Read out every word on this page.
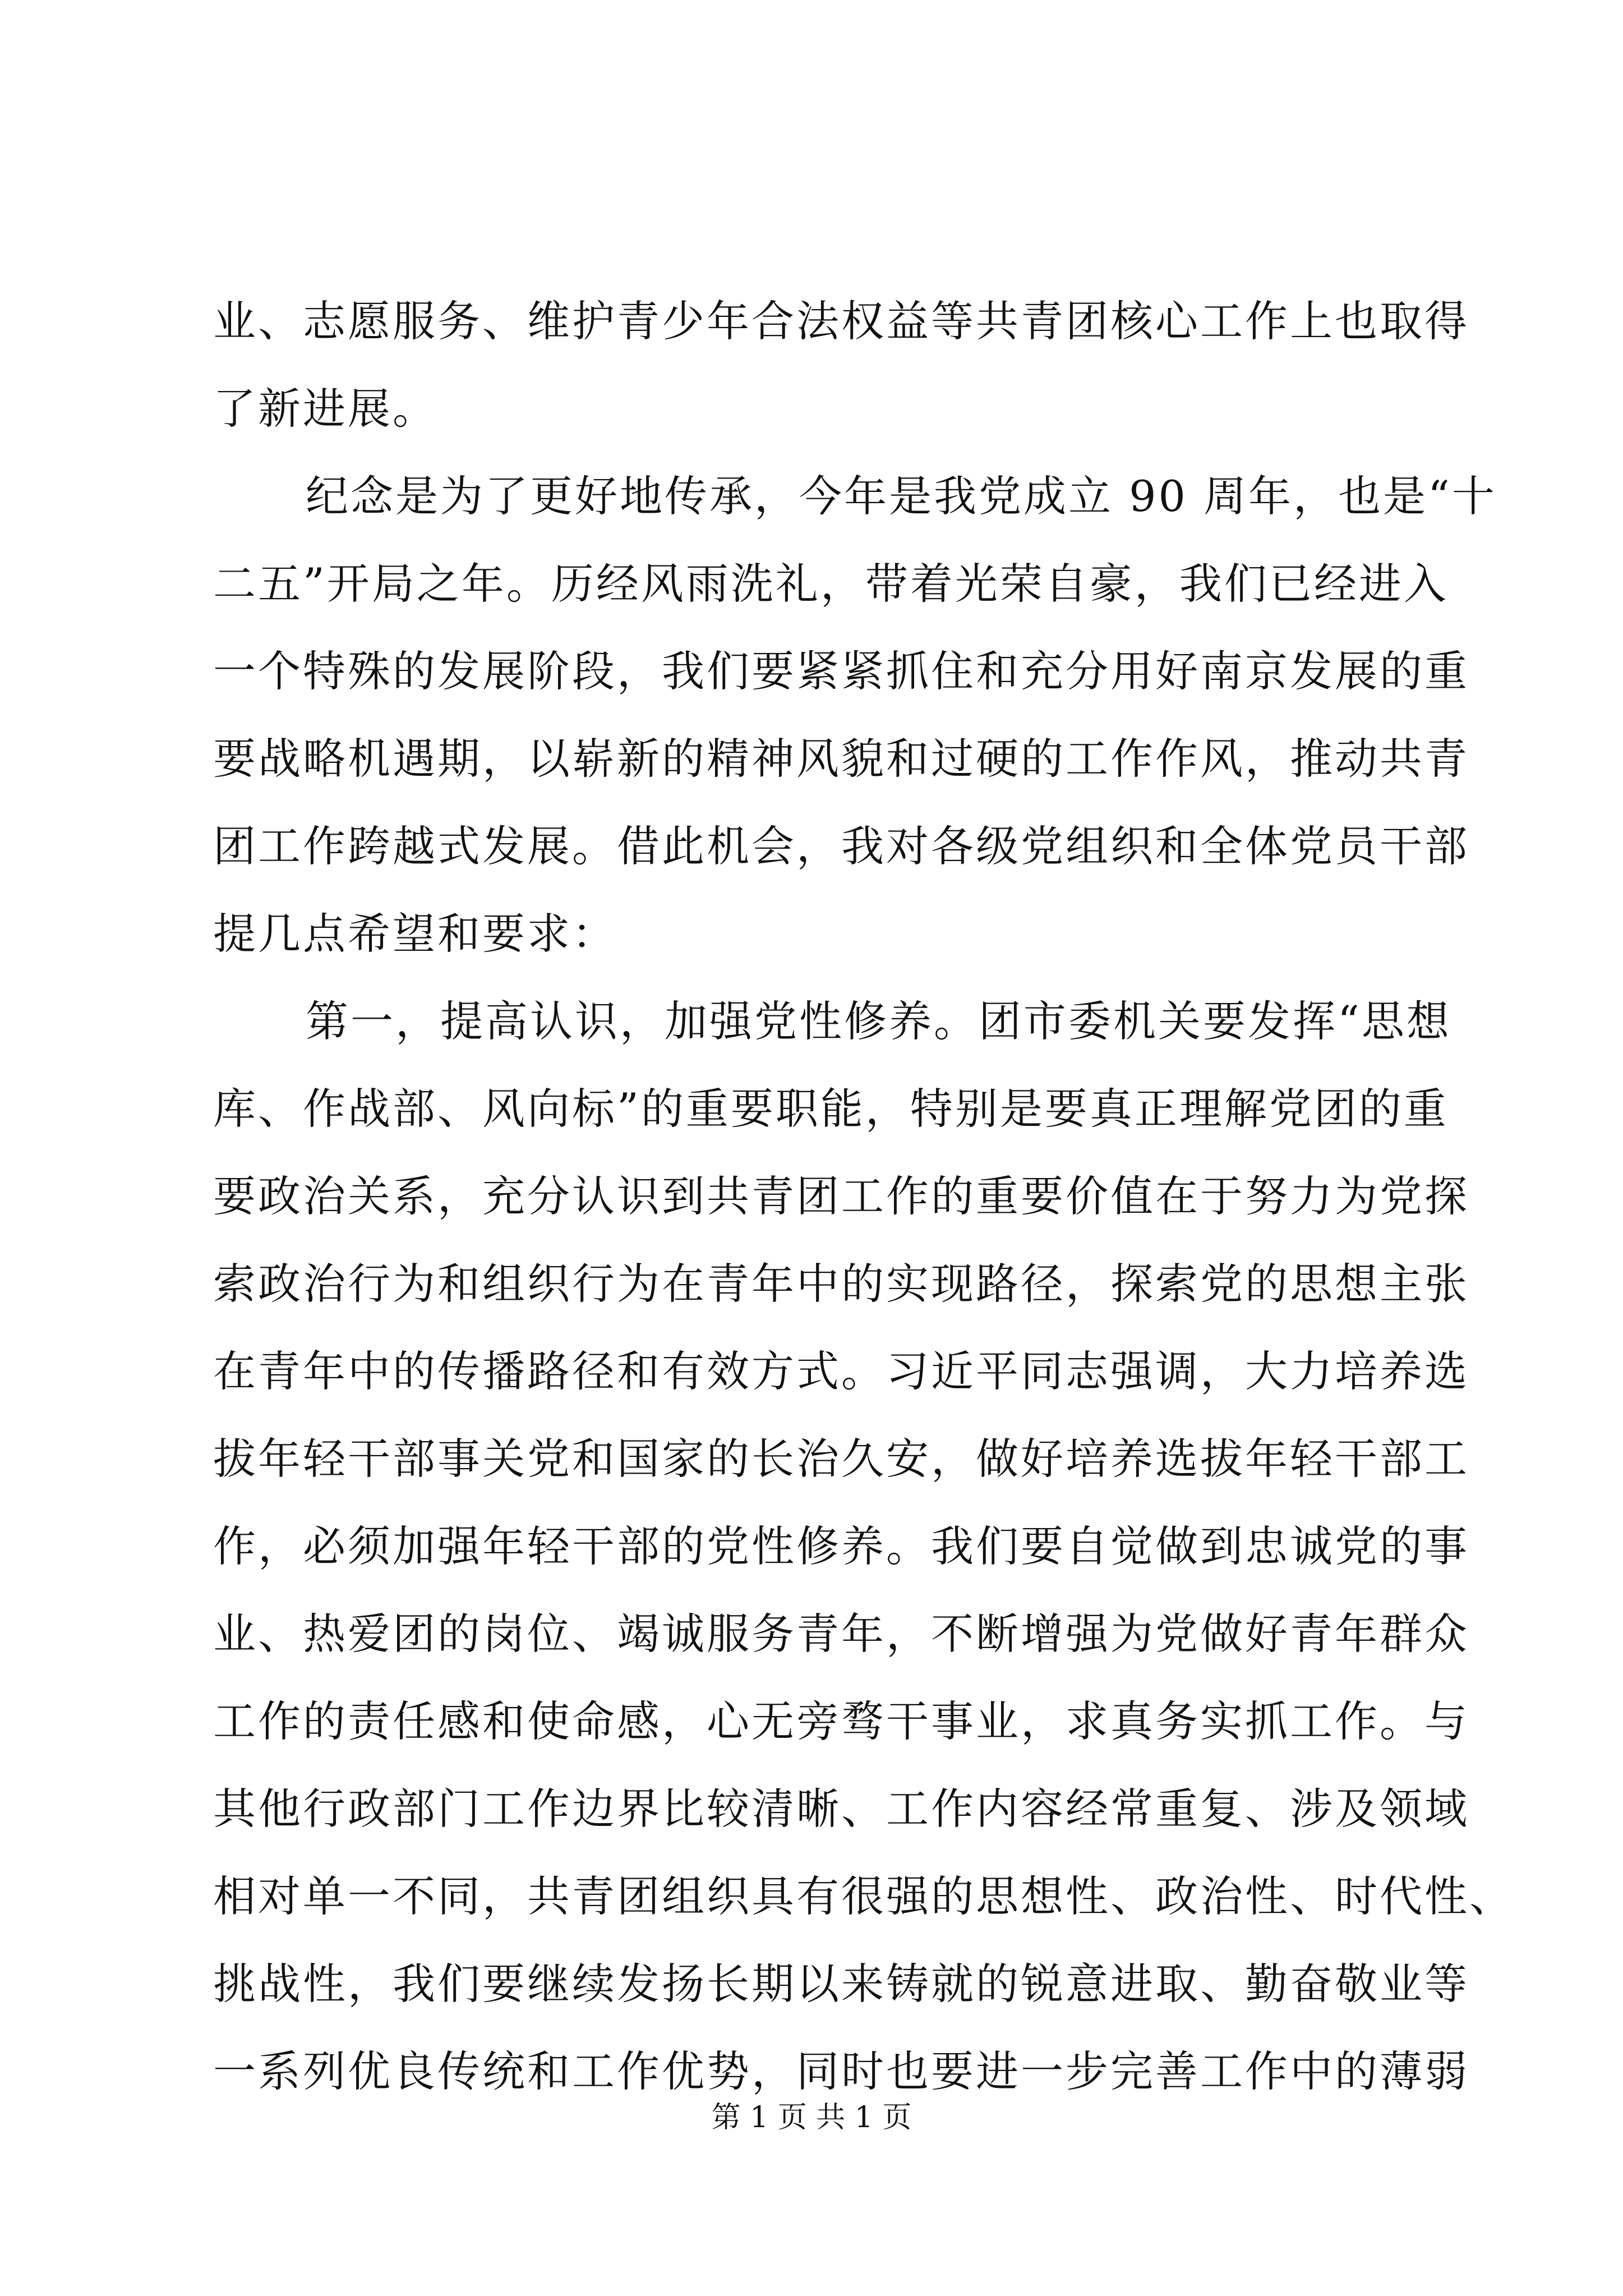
业、志愿服务、维护青少年合法权益等共青团核心工作上也取得
了新进展。
纪念是为了更好地传承，今年是我党成立 90 周年，也是“十
二五”开局之年。历经风雨洗礼，带着光荣自豪，我们已经进入
一个特殊的发展阶段，我们要紧紧抓住和充分用好南京发展的重
要战略机遇期，以崭新的精神风貌和过硬的工作作风，推动共青
团工作跨越式发展。借此机会，我对各级党组织和全体党员干部
提几点希望和要求：
第一，提高认识，加强党性修养。团市委机关要发挥“思想
库、作战部、风向标”的重要职能，特别是要真正理解党团的重
要政治关系，充分认识到共青团工作的重要价值在于努力为党探
索政治行为和组织行为在青年中的实现路径，探索党的思想主张
在青年中的传播路径和有效方式。习近平同志强调，大力培养选
拔年轻干部事关党和国家的长治久安，做好培养选拔年轻干部工
作，必须加强年轻干部的党性修养。我们要自觉做到忠诚党的事
业、热爱团的岗位、竭诚服务青年，不断增强为党做好青年群众
工作的责任感和使命感，心无旁骛干事业，求真务实抓工作。与
其他行政部门工作边界比较清晰、工作内容经常重复、涉及领域
相对单一不同，共青团组织具有很强的思想性、政治性、时代性、
挑战性，我们要继续发扬长期以来铸就的锐意进取、勤奋敬业等
一系列优良传统和工作优势，同时也要进一步完善工作中的薄弱
第 1 页 共 1 页
